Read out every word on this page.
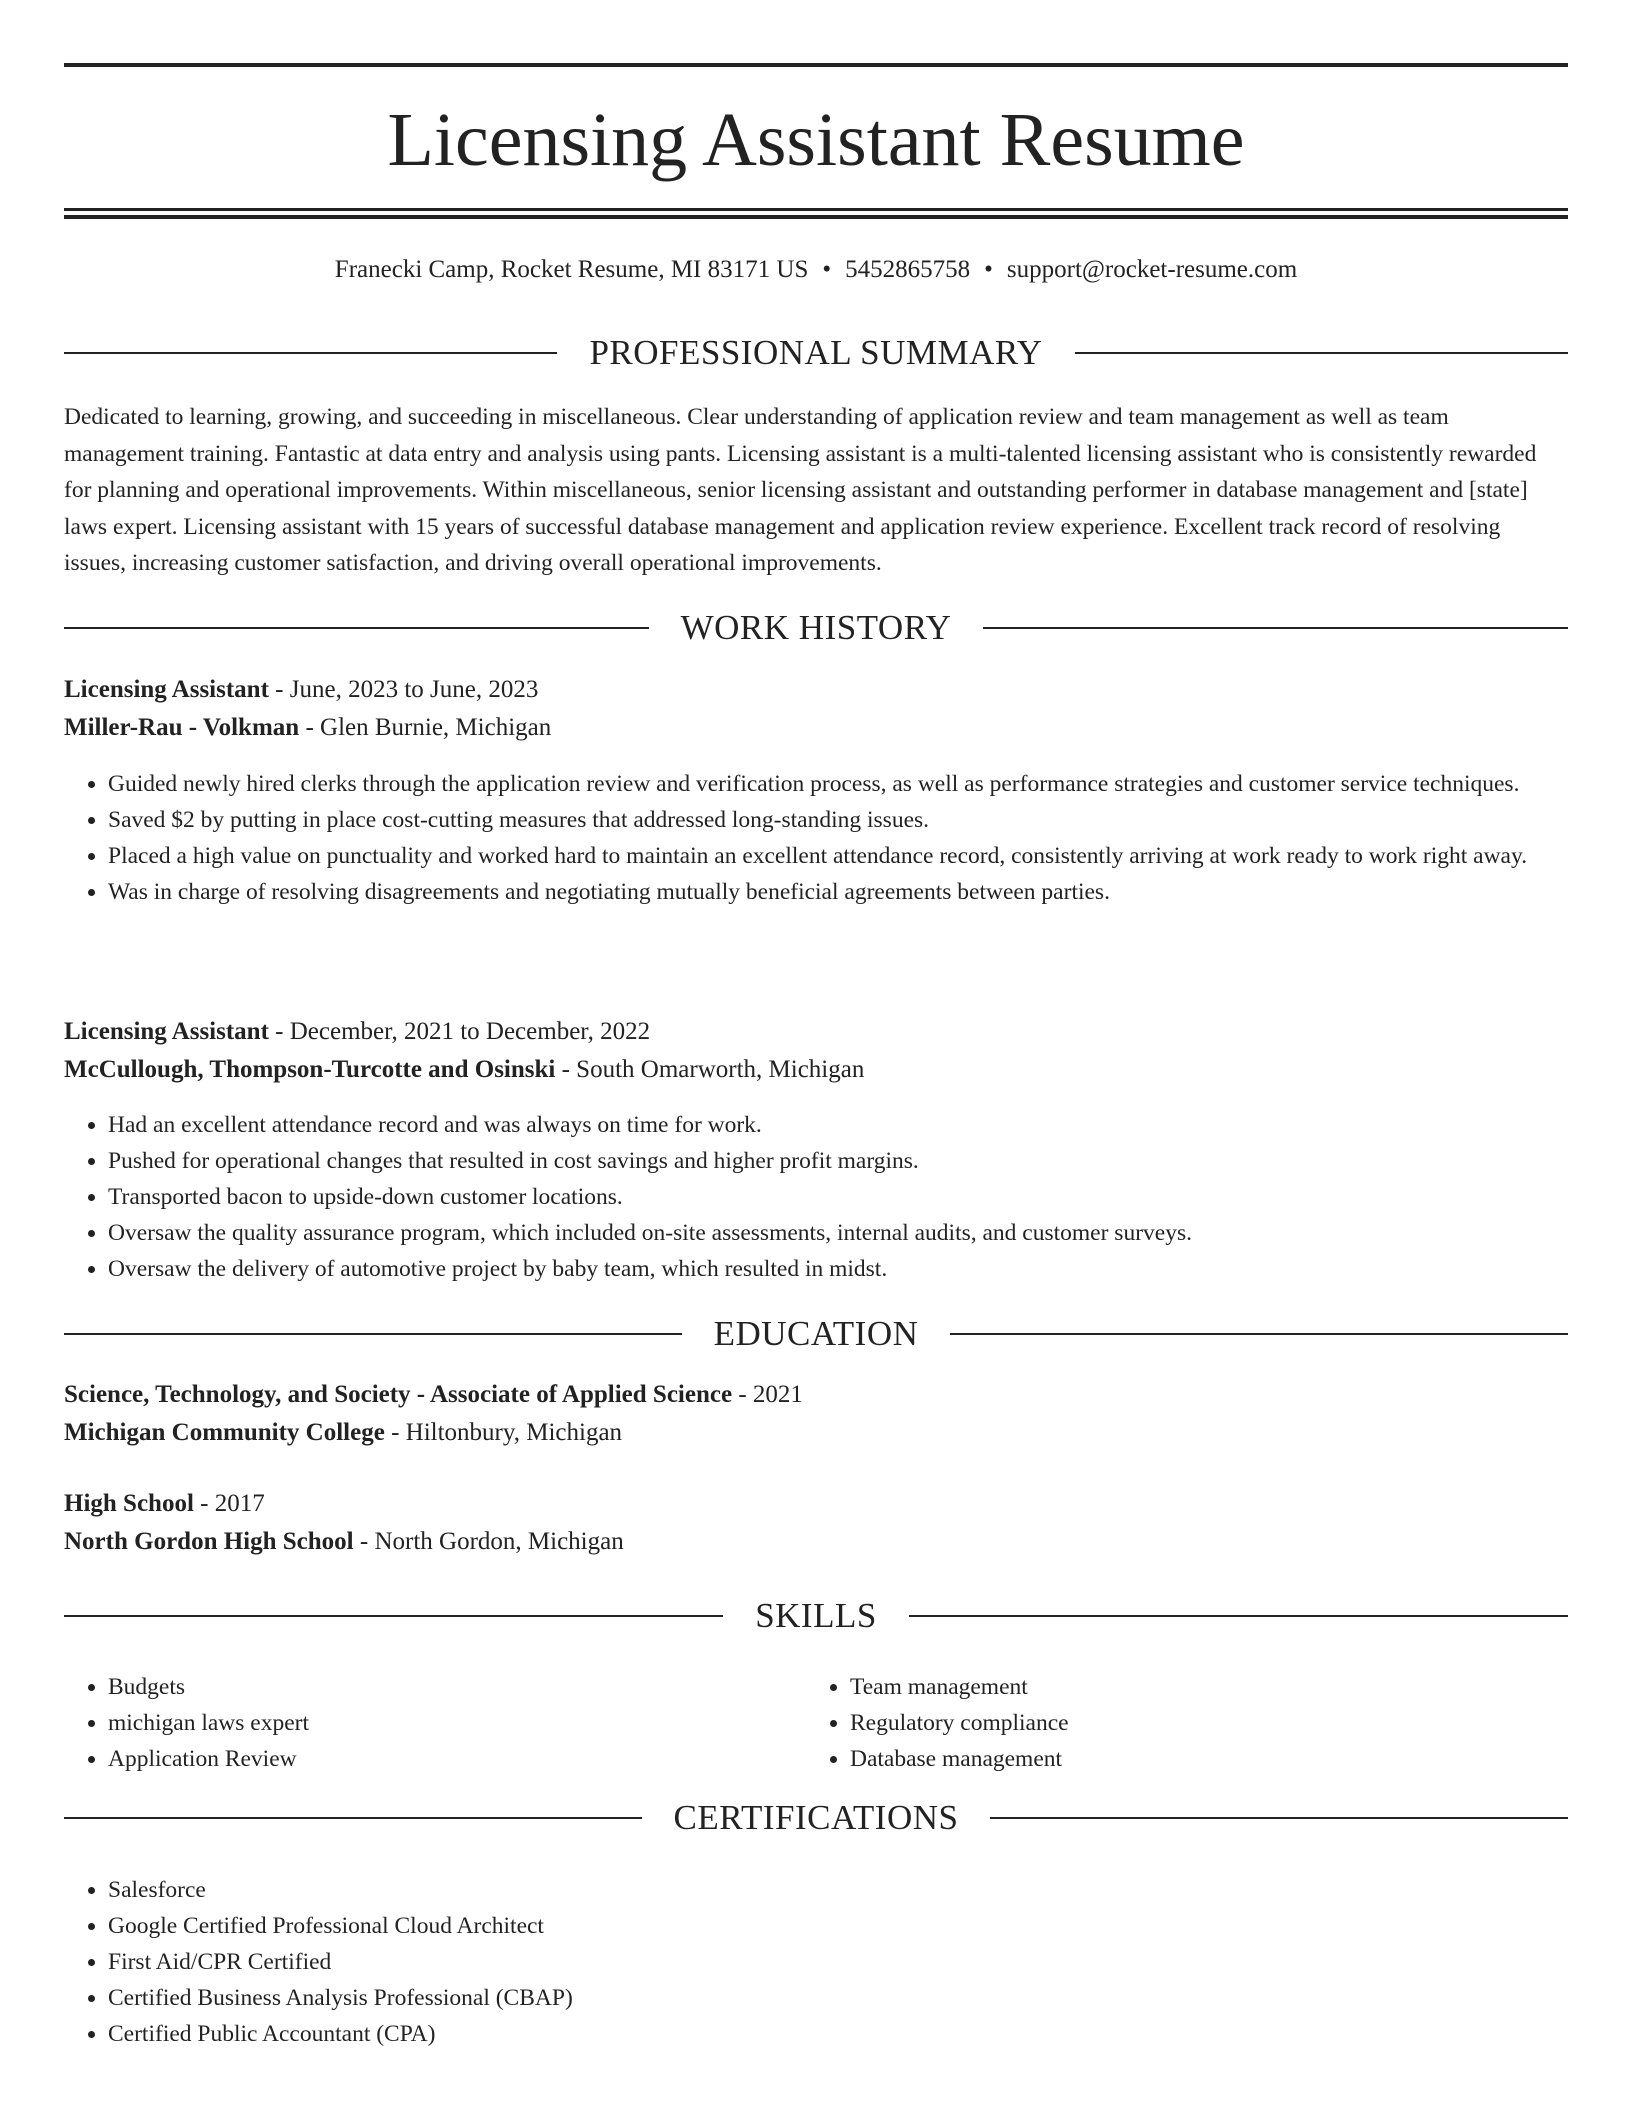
Licensing Assistant Resume
Franecki Camp, Rocket Resume, MI 83171 US • 5452865758 • support@rocket-resume.com
PROFESSIONAL SUMMARY

Dedicated to learning, growing, and succeeding in miscellaneous. Clear understanding of application review and team management as well as team management training. Fantastic at data entry and analysis using pants. Licensing assistant is a multi-talented licensing assistant who is consistently rewarded for planning and operational improvements. Within miscellaneous, senior licensing assistant and outstanding performer in database management and [state] laws expert. Licensing assistant with 15 years of successful database management and application review experience. Excellent track record of resolving issues, increasing customer satisfaction, and driving overall operational improvements.

WORK HISTORY
Licensing Assistant - June, 2023 to June, 2023
Miller-Rau - Volkman - Glen Burnie, Michigan
• Guided newly hired clerks through the application review and verification process, as well as performance strategies and customer service techniques.
• Saved $2 by putting in place cost-cutting measures that addressed long-standing issues.
• Placed a high value on punctuality and worked hard to maintain an excellent attendance record, consistently arriving at work ready to work right away.
• Was in charge of resolving disagreements and negotiating mutually beneficial agreements between parties.
Licensing Assistant - December, 2021 to December, 2022
McCullough, Thompson-Turcotte and Osinski - South Omarworth, Michigan
• Had an excellent attendance record and was always on time for work.
• Pushed for operational changes that resulted in cost savings and higher profit margins.
• Transported bacon to upside-down customer locations.
• Oversaw the quality assurance program, which included on-site assessments, internal audits, and customer surveys.
• Oversaw the delivery of automotive project by baby team, which resulted in midst.
EDUCATION
Science, Technology, and Society - Associate of Applied Science - 2021
Michigan Community College - Hiltonbury, Michigan
High School - 2017
North Gordon High School - North Gordon, Michigan
SKILLS
• Budgets
• michigan laws expert
• Application Review
• Team management
• Regulatory compliance
• Database management
CERTIFICATIONS
• Salesforce
• Google Certified Professional Cloud Architect
• First Aid/CPR Certified
• Certified Business Analysis Professional (CBAP)
• Certified Public Accountant (CPA)
